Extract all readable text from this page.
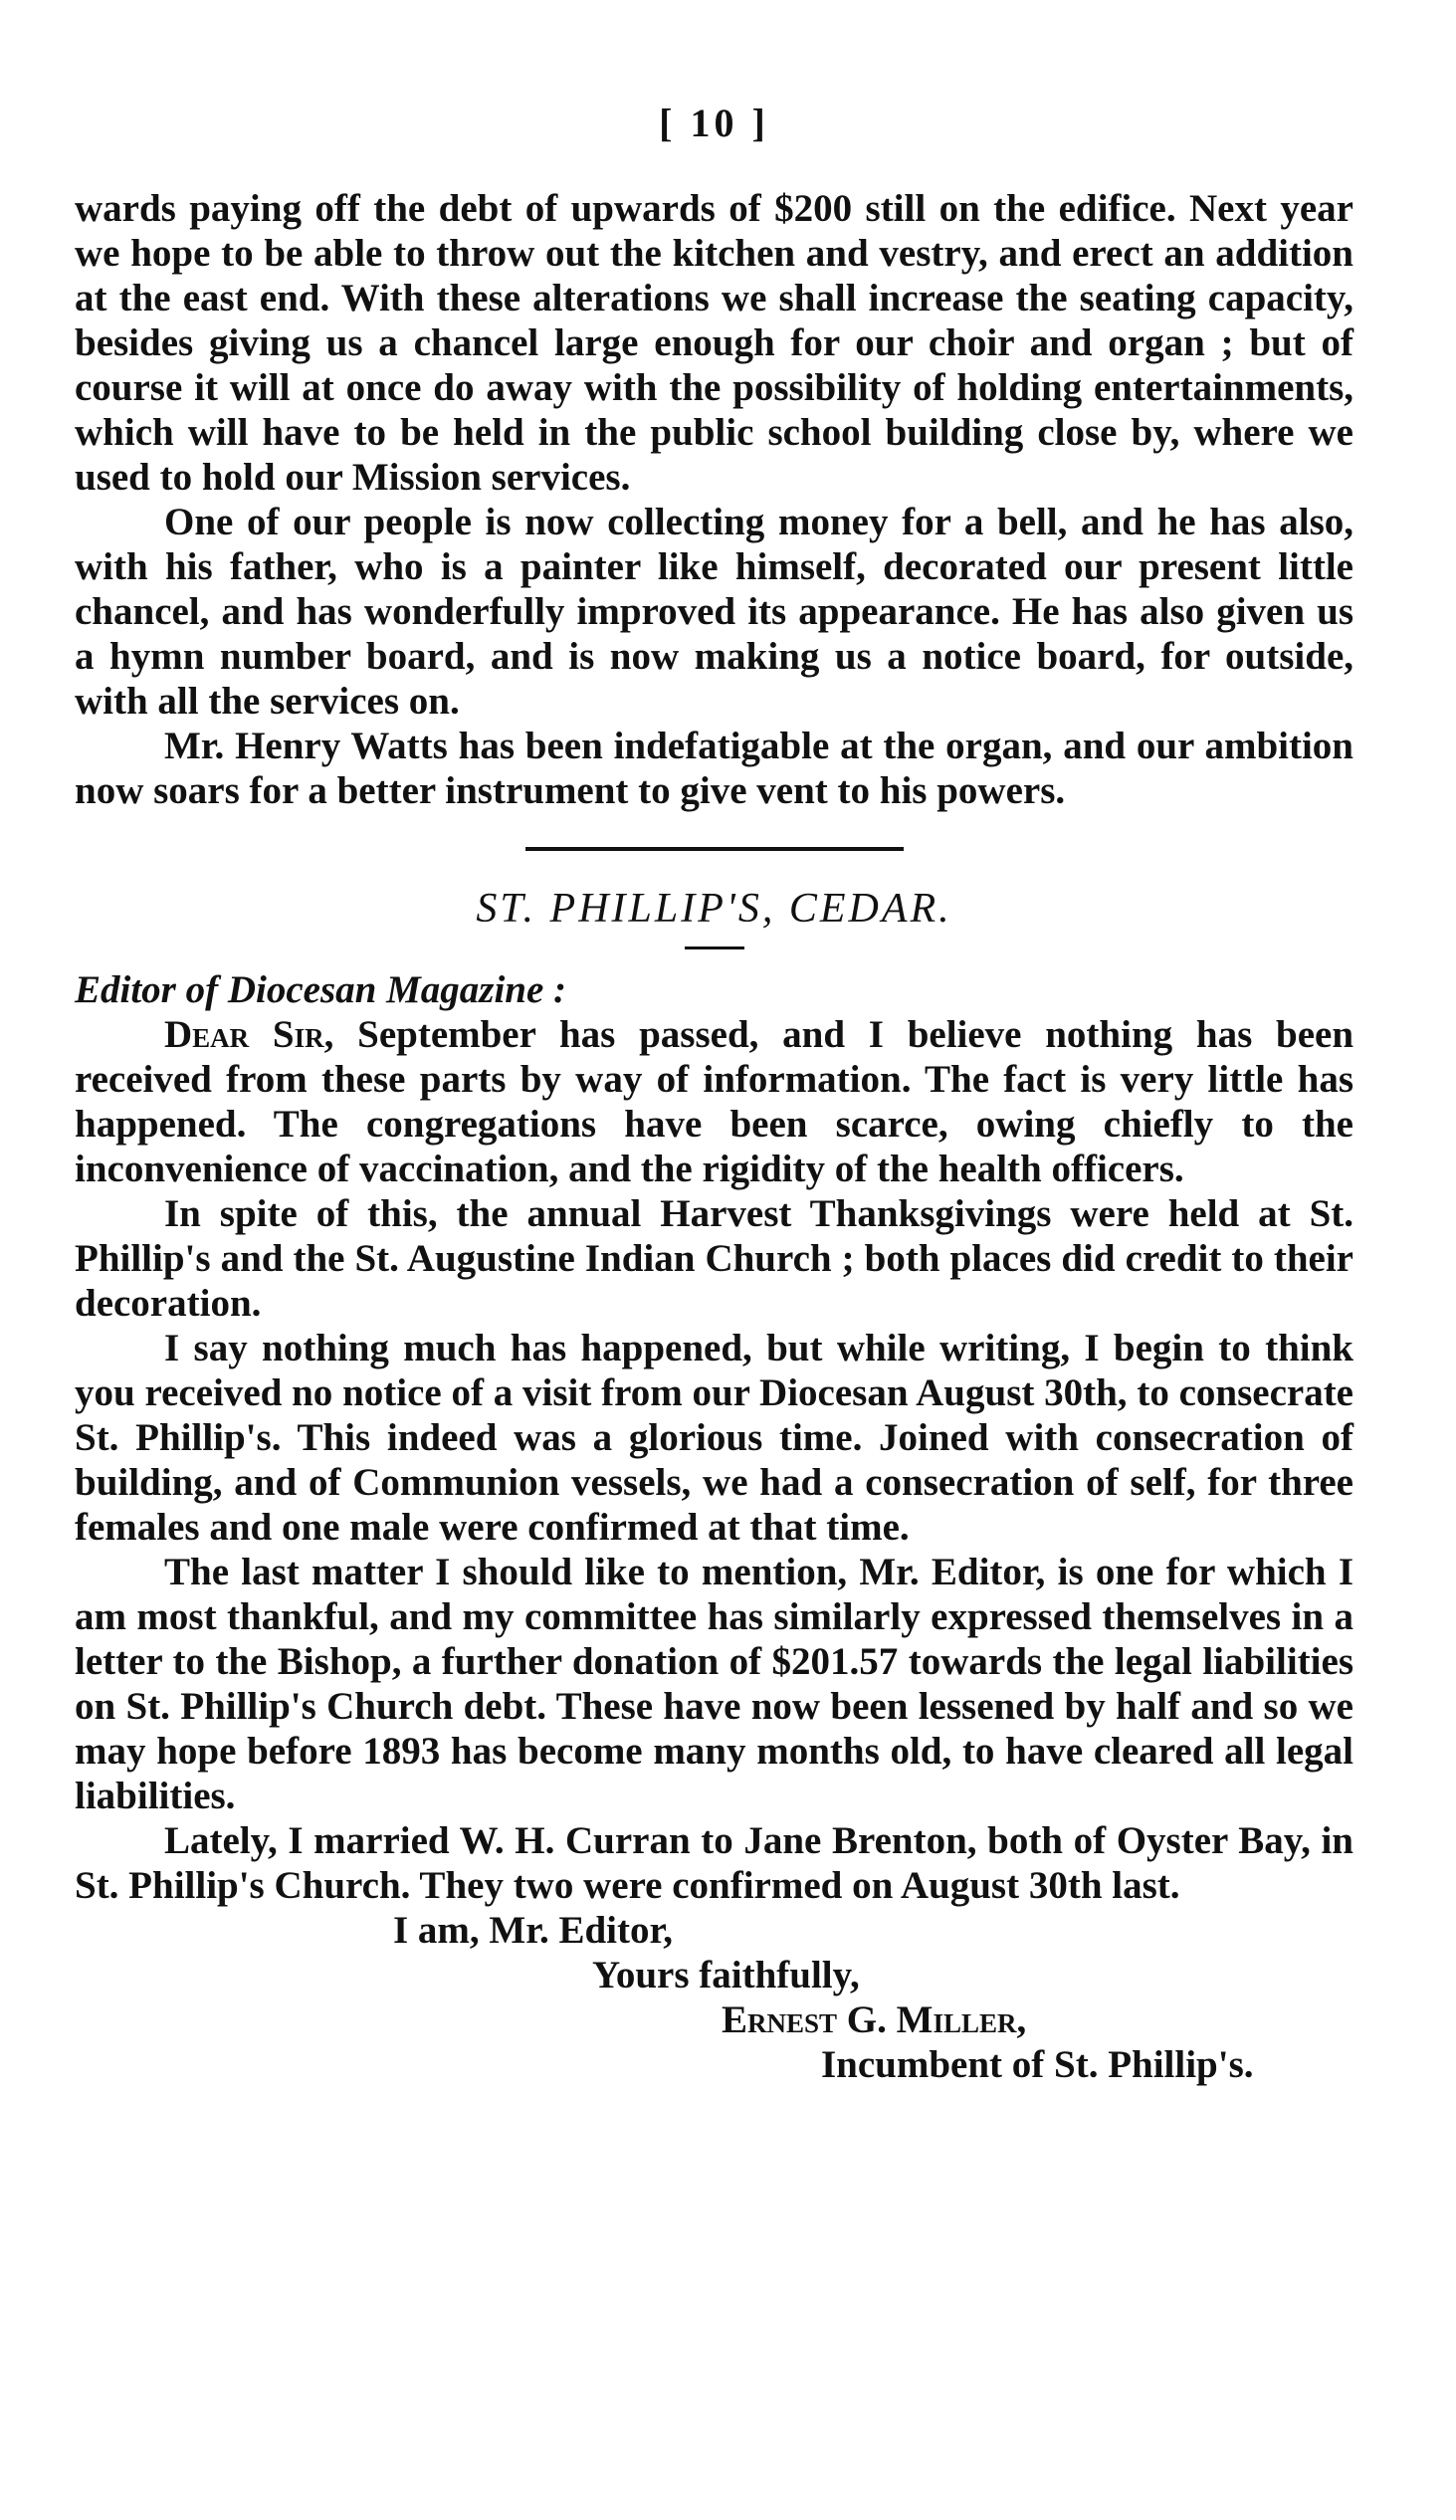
[ 10 ]

wards paying off the debt of upwards of $200 still on the edifice. Next year we hope to be able to throw out the kitchen and vestry, and erect an addition at the east end. With these alterations we shall increase the seating capacity, besides giving us a chancel large enough for our choir and organ ; but of course it will at once do away with the possibility of holding entertainments, which will have to be held in the public school building close by, where we used to hold our Mission services.

One of our people is now collecting money for a bell, and he has also, with his father, who is a painter like himself, decorated our present little chancel, and has wonderfully improved its appearance. He has also given us a hymn number board, and is now making us a notice board, for outside, with all the services on.

Mr. Henry Watts has been indefatigable at the organ, and our ambition now soars for a better instrument to give vent to his powers.

ST. PHILLIP'S, CEDAR.

Editor of Diocesan Magazine :

Dear Sir, September has passed, and I believe nothing has been received from these parts by way of information. The fact is very little has happened. The congregations have been scarce, owing chiefly to the inconvenience of vaccination, and the rigidity of the health officers.

In spite of this, the annual Harvest Thanksgivings were held at St. Phillip's and the St. Augustine Indian Church ; both places did credit to their decoration.

I say nothing much has happened, but while writing, I begin to think you received no notice of a visit from our Diocesan August 30th, to consecrate St. Phillip's. This indeed was a glorious time. Joined with consecration of building, and of Communion vessels, we had a consecration of self, for three females and one male were confirmed at that time.

The last matter I should like to mention, Mr. Editor, is one for which I am most thankful, and my committee has similarly expressed themselves in a letter to the Bishop, a further donation of $201.57 towards the legal liabilities on St. Phillip's Church debt. These have now been lessened by half and so we may hope before 1893 has become many months old, to have cleared all legal liabilities.

Lately, I married W. H. Curran to Jane Brenton, both of Oyster Bay, in St. Phillip's Church. They two were confirmed on August 30th last.

I am, Mr. Editor,

Yours faithfully,

Ernest G. Miller,

Incumbent of St. Phillip's.
